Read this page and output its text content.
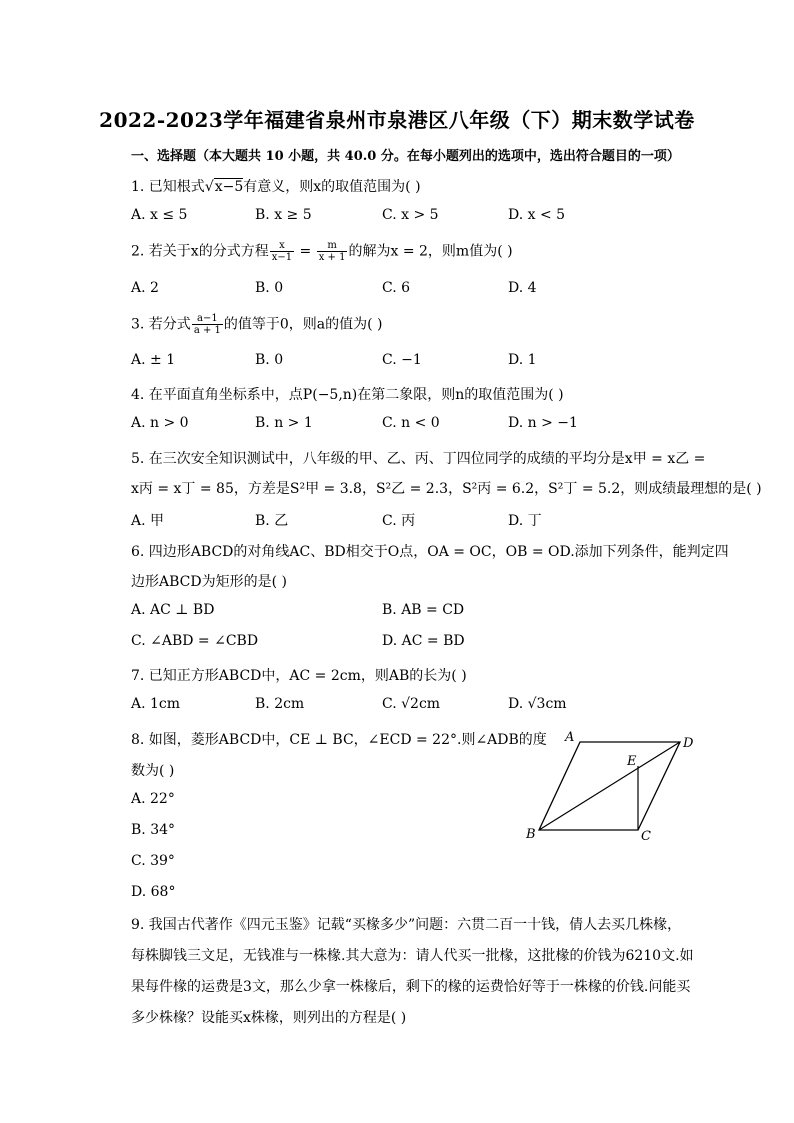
2022-2023学年福建省泉州市泉港区八年级（下）期末数学试卷
一、选择题（本大题共 10 小题，共 40.0 分。在每小题列出的选项中，选出符合题目的一项）
1. 已知根式√x−5有意义，则x的取值范围为( )
A. x ≤ 5	B. x ≥ 5	C. x > 5	D. x < 5
2. 若关于x的分式方程 $\frac{x}{x-1} = \frac{m}{x + 1}$ 的解为x = 2，则m值为( )
A. 2	B. 0	C. 6	D. 4
3. 若分式 $\frac{a-1}{a + 1}$ 的值等于0，则a的值为( )
A. ± 1	B. 0	C. −1	D. 1
4. 在平面直角坐标系中，点P(−5,n)在第二象限，则n的取值范围为( )
A. n > 0	B. n > 1	C. n < 0	D. n > −1
5. 在三次安全知识测试中，八年级的甲、乙、丙、丁四位同学的成绩的平均分是x甲 = x乙 =
x丙 = x丁 = 85，方差是S²甲 = 3.8，S²乙 = 2.3，S²丙 = 6.2，S²丁 = 5.2，则成绩最理想的是( )
A. 甲	B. 乙	C. 丙	D. 丁
6. 四边形ABCD的对角线AC、BD相交于O点，OA = OC，OB = OD.添加下列条件，能判定四
边形ABCD为矩形的是( )
A. AC ⊥ BD	B. AB = CD
C. ∠ABD = ∠CBD	D. AC = BD
7. 已知正方形ABCD中，AC = 2cm，则AB的长为( )
A. 1cm	B. 2cm	C. √2cm	D. √3cm
8. 如图，菱形ABCD中，CE ⊥ BC，∠ECD = 22°.则∠ADB的度
数为( )
A. 22°
B. 34°
C. 39°
D. 68°
A	D
E
B	C
9. 我国古代著作《四元玉鉴》记载“买椽多少”问题：六贯二百一十钱，倩人去买几株椽，
每株脚钱三文足，无钱准与一株椽.其大意为：请人代买一批椽，这批椽的价钱为6210文.如
果每件椽的运费是3文，那么少拿一株椽后，剩下的椽的运费恰好等于一株椽的价钱.问能买
多少株椽？设能买x株椽，则列出的方程是( )
